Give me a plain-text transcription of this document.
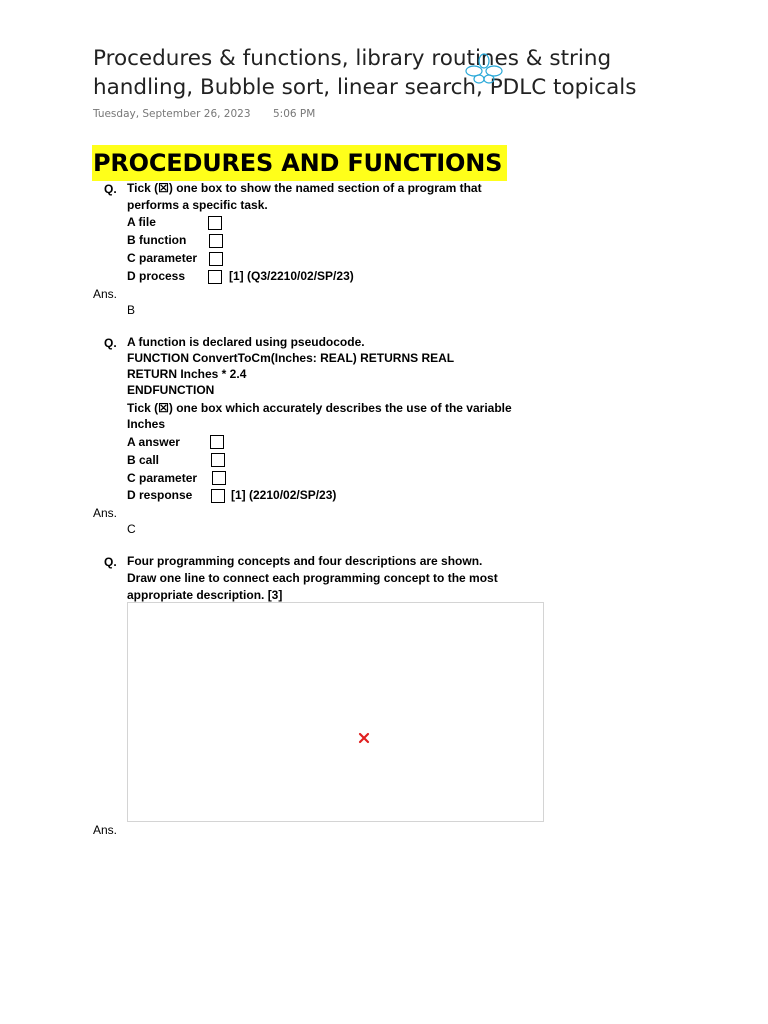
Procedures & functions, library routines & string handling, Bubble sort, linear search, PDLC topicals
Tuesday, September 26, 2023 5:06 PM
PROCEDURES AND FUNCTIONS
Q. Tick (☒) one box to show the named section of a program that
performs a specific task.
A file
B function
C parameter
D process	[1] (Q3/2210/02/SP/23)
Ans.
B
Q. A function is declared using pseudocode.
FUNCTION ConvertToCm(Inches: REAL) RETURNS REAL
RETURN Inches * 2.4
ENDFUNCTION
Tick (☒) one box which accurately describes the use of the variable
Inches
A answer
B call
C parameter
D response	[1] (2210/02/SP/23)
Ans.
C
Q. Four programming concepts and four descriptions are shown.
Draw one line to connect each programming concept to the most
appropriate description. [3]
Ans.
